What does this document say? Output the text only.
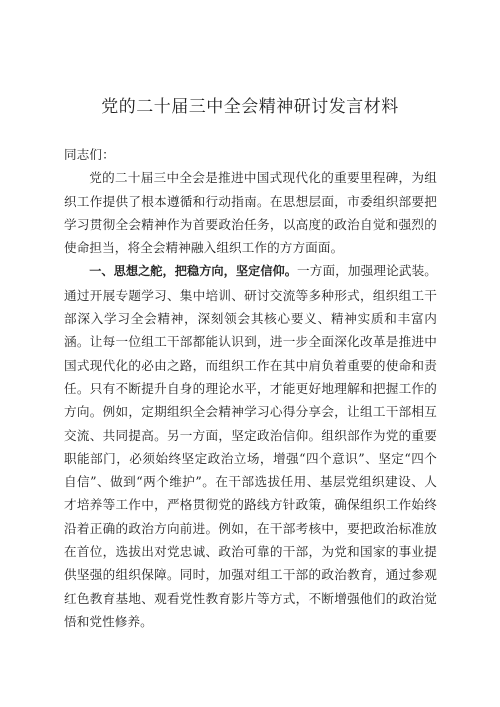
党的二十届三中全会精神研讨发言材料

同志们：

党的二十届三中全会是推进中国式现代化的重要里程碑，为组织工作提供了根本遵循和行动指南。在思想层面，市委组织部要把学习贯彻全会精神作为首要政治任务，以高度的政治自觉和强烈的使命担当，将全会精神融入组织工作的方方面面。

一、思想之舵，把稳方向，坚定信仰。一方面，加强理论武装。通过开展专题学习、集中培训、研讨交流等多种形式，组织组工干部深入学习全会精神，深刻领会其核心要义、精神实质和丰富内涵。让每一位组工干部都能认识到，进一步全面深化改革是推进中国式现代化的必由之路，而组织工作在其中肩负着重要的使命和责任。只有不断提升自身的理论水平，才能更好地理解和把握工作的方向。例如，定期组织全会精神学习心得分享会，让组工干部相互交流、共同提高。另一方面，坚定政治信仰。组织部作为党的重要职能部门，必须始终坚定政治立场，增强“四个意识”、坚定“四个自信”、做到“两个维护”。在干部选拔任用、基层党组织建设、人才培养等工作中，严格贯彻党的路线方针政策，确保组织工作始终沿着正确的政治方向前进。例如，在干部考核中，要把政治标准放在首位，选拔出对党忠诚、政治可靠的干部，为党和国家的事业提供坚强的组织保障。同时，加强对组工干部的政治教育，通过参观红色教育基地、观看党性教育影片等方式，不断增强他们的政治觉悟和党性修养。
